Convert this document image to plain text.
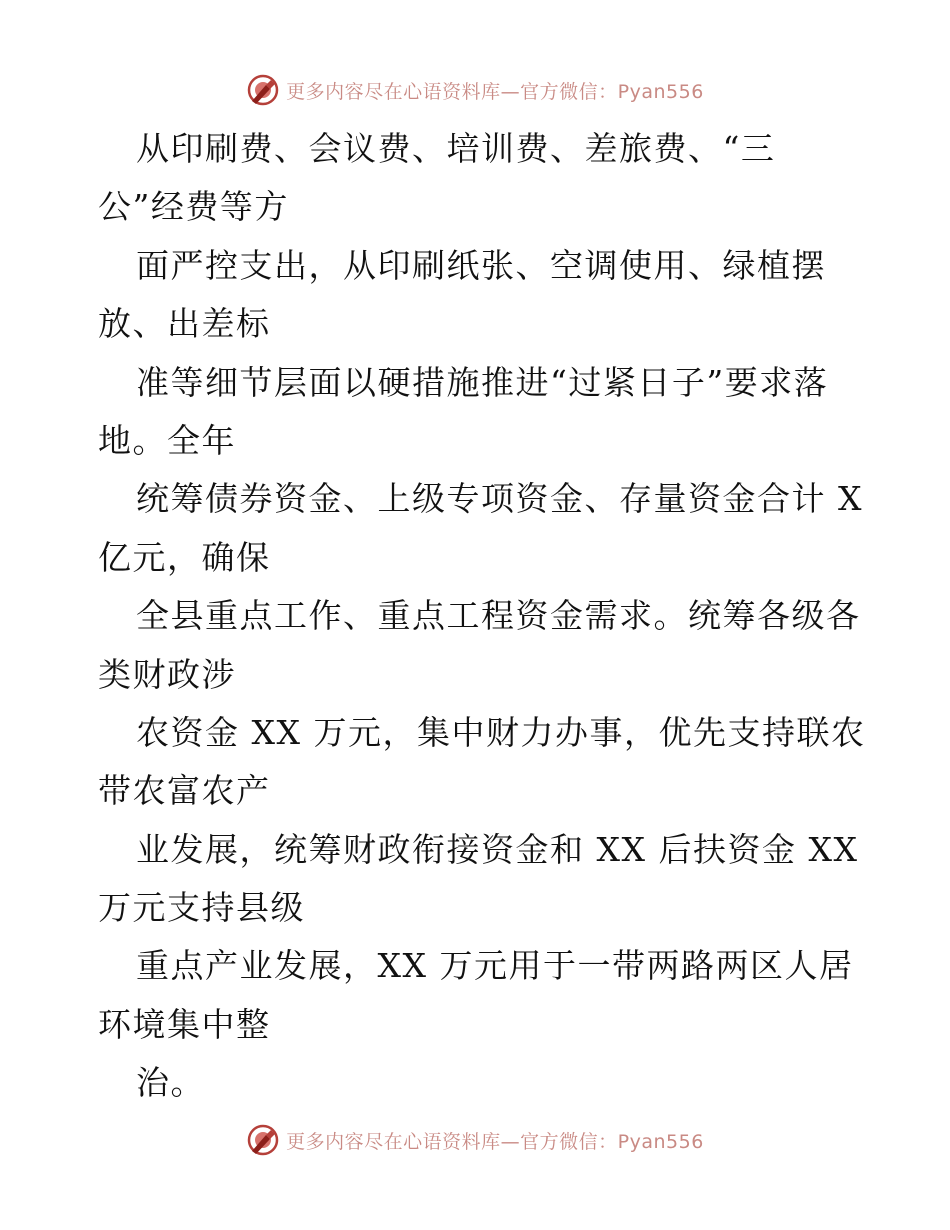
更多内容尽在心语资料库—官方微信：Pyan556
从印刷费、会议费、培训费、差旅费、“三
公”经费等方
面严控支出，从印刷纸张、空调使用、绿植摆
放、出差标
准等细节层面以硬措施推进“过紧日子”要求落
地。全年
统筹债券资金、上级专项资金、存量资金合计 X
亿元，确保
全县重点工作、重点工程资金需求。统筹各级各
类财政涉
农资金 XX 万元，集中财力办事，优先支持联农
带农富农产
业发展，统筹财政衔接资金和 XX 后扶资金 XX
万元支持县级
重点产业发展，XX 万元用于一带两路两区人居
环境集中整
治。
更多内容尽在心语资料库—官方微信：Pyan556
